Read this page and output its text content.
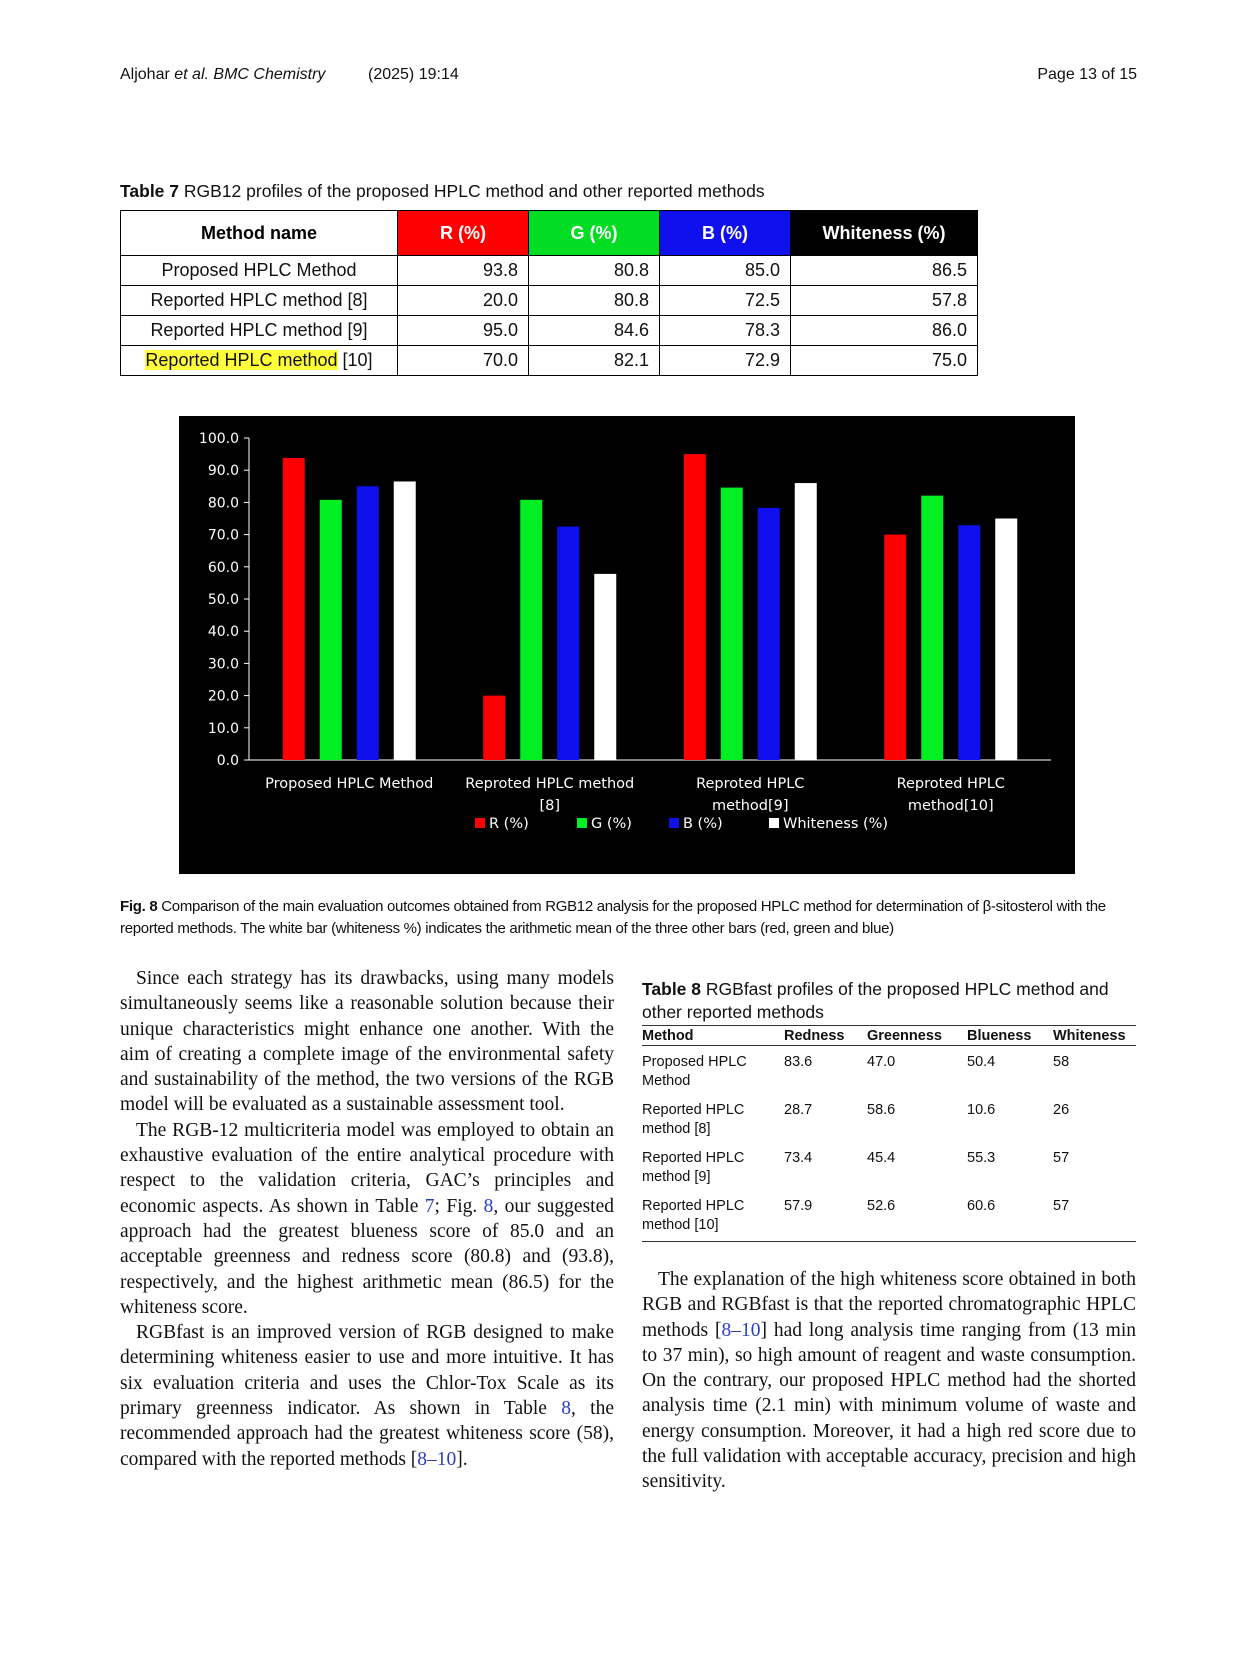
Aljohar et al. BMC Chemistry	(2025) 19:14	Page 13 of 15
Table 7 RGB12 profiles of the proposed HPLC method and other reported methods
Method name	R (%)	G (%)	B (%)	Whiteness (%)
Proposed HPLC Method	93.8	80.8	85.0	86.5
Reported HPLC method [8]	20.0	80.8	72.5	57.8
Reported HPLC method [9]	95.0	84.6	78.3	86.0
Reported HPLC method [10]	70.0	82.1	72.9	75.0
0.0
10.0
20.0
30.0
40.0
50.0
60.0
70.0
80.0
90.0
100.0
Proposed HPLC Method Reproted HPLC method
[8]
Reproted HPLC
method[9]
Reproted HPLC
method[10]
R (%)	G (%)	B (%)	Whiteness (%)
Fig. 8 Comparison of the main evaluation outcomes obtained from RGB12 analysis for the proposed HPLC method for determination of β-sitosterol with the reported methods. The white bar (whiteness %) indicates the arithmetic mean of the three other bars (red, green and blue)

Since each strategy has its drawbacks, using many models simultaneously seems like a reasonable solution because their unique characteristics might enhance one another. With the aim of creating a complete image of the environmental safety and sustainability of the method, the two versions of the RGB model will be evaluated as a sustainable assessment tool.

The RGB-12 multicriteria model was employed to obtain an exhaustive evaluation of the entire analytical procedure with respect to the validation criteria, GAC’s principles and economic aspects. As shown in Table 7; Fig. 8, our suggested approach had the greatest blueness score of 85.0 and an acceptable greenness and redness score (80.8) and (93.8), respectively, and the highest arithmetic mean (86.5) for the whiteness score.

RGBfast is an improved version of RGB designed to make determining whiteness easier to use and more intuitive. It has six evaluation criteria and uses the Chlor-Tox Scale as its primary greenness indicator. As shown in Table 8, the recommended approach had the greatest whiteness score (58), compared with the reported methods [8–10].

Table 8 RGBfast profiles of the proposed HPLC method and other reported methods
Method	Redness	Greenness	Blueness	Whiteness
Proposed HPLC
Method	83.6	47.0	50.4	58
Reported HPLC
method [8]	28.7	58.6	10.6	26
Reported HPLC
method [9]	73.4	45.4	55.3	57
Reported HPLC
method [10]	57.9	52.6	60.6	57

The explanation of the high whiteness score obtained in both RGB and RGBfast is that the reported chromatographic HPLC methods [8–10] had long analysis time ranging from (13 min to 37 min), so high amount of reagent and waste consumption. On the contrary, our proposed HPLC method had the shorted analysis time (2.1 min) with minimum volume of waste and energy consumption. Moreover, it had a high red score due to the full validation with acceptable accuracy, precision and high sensitivity.
